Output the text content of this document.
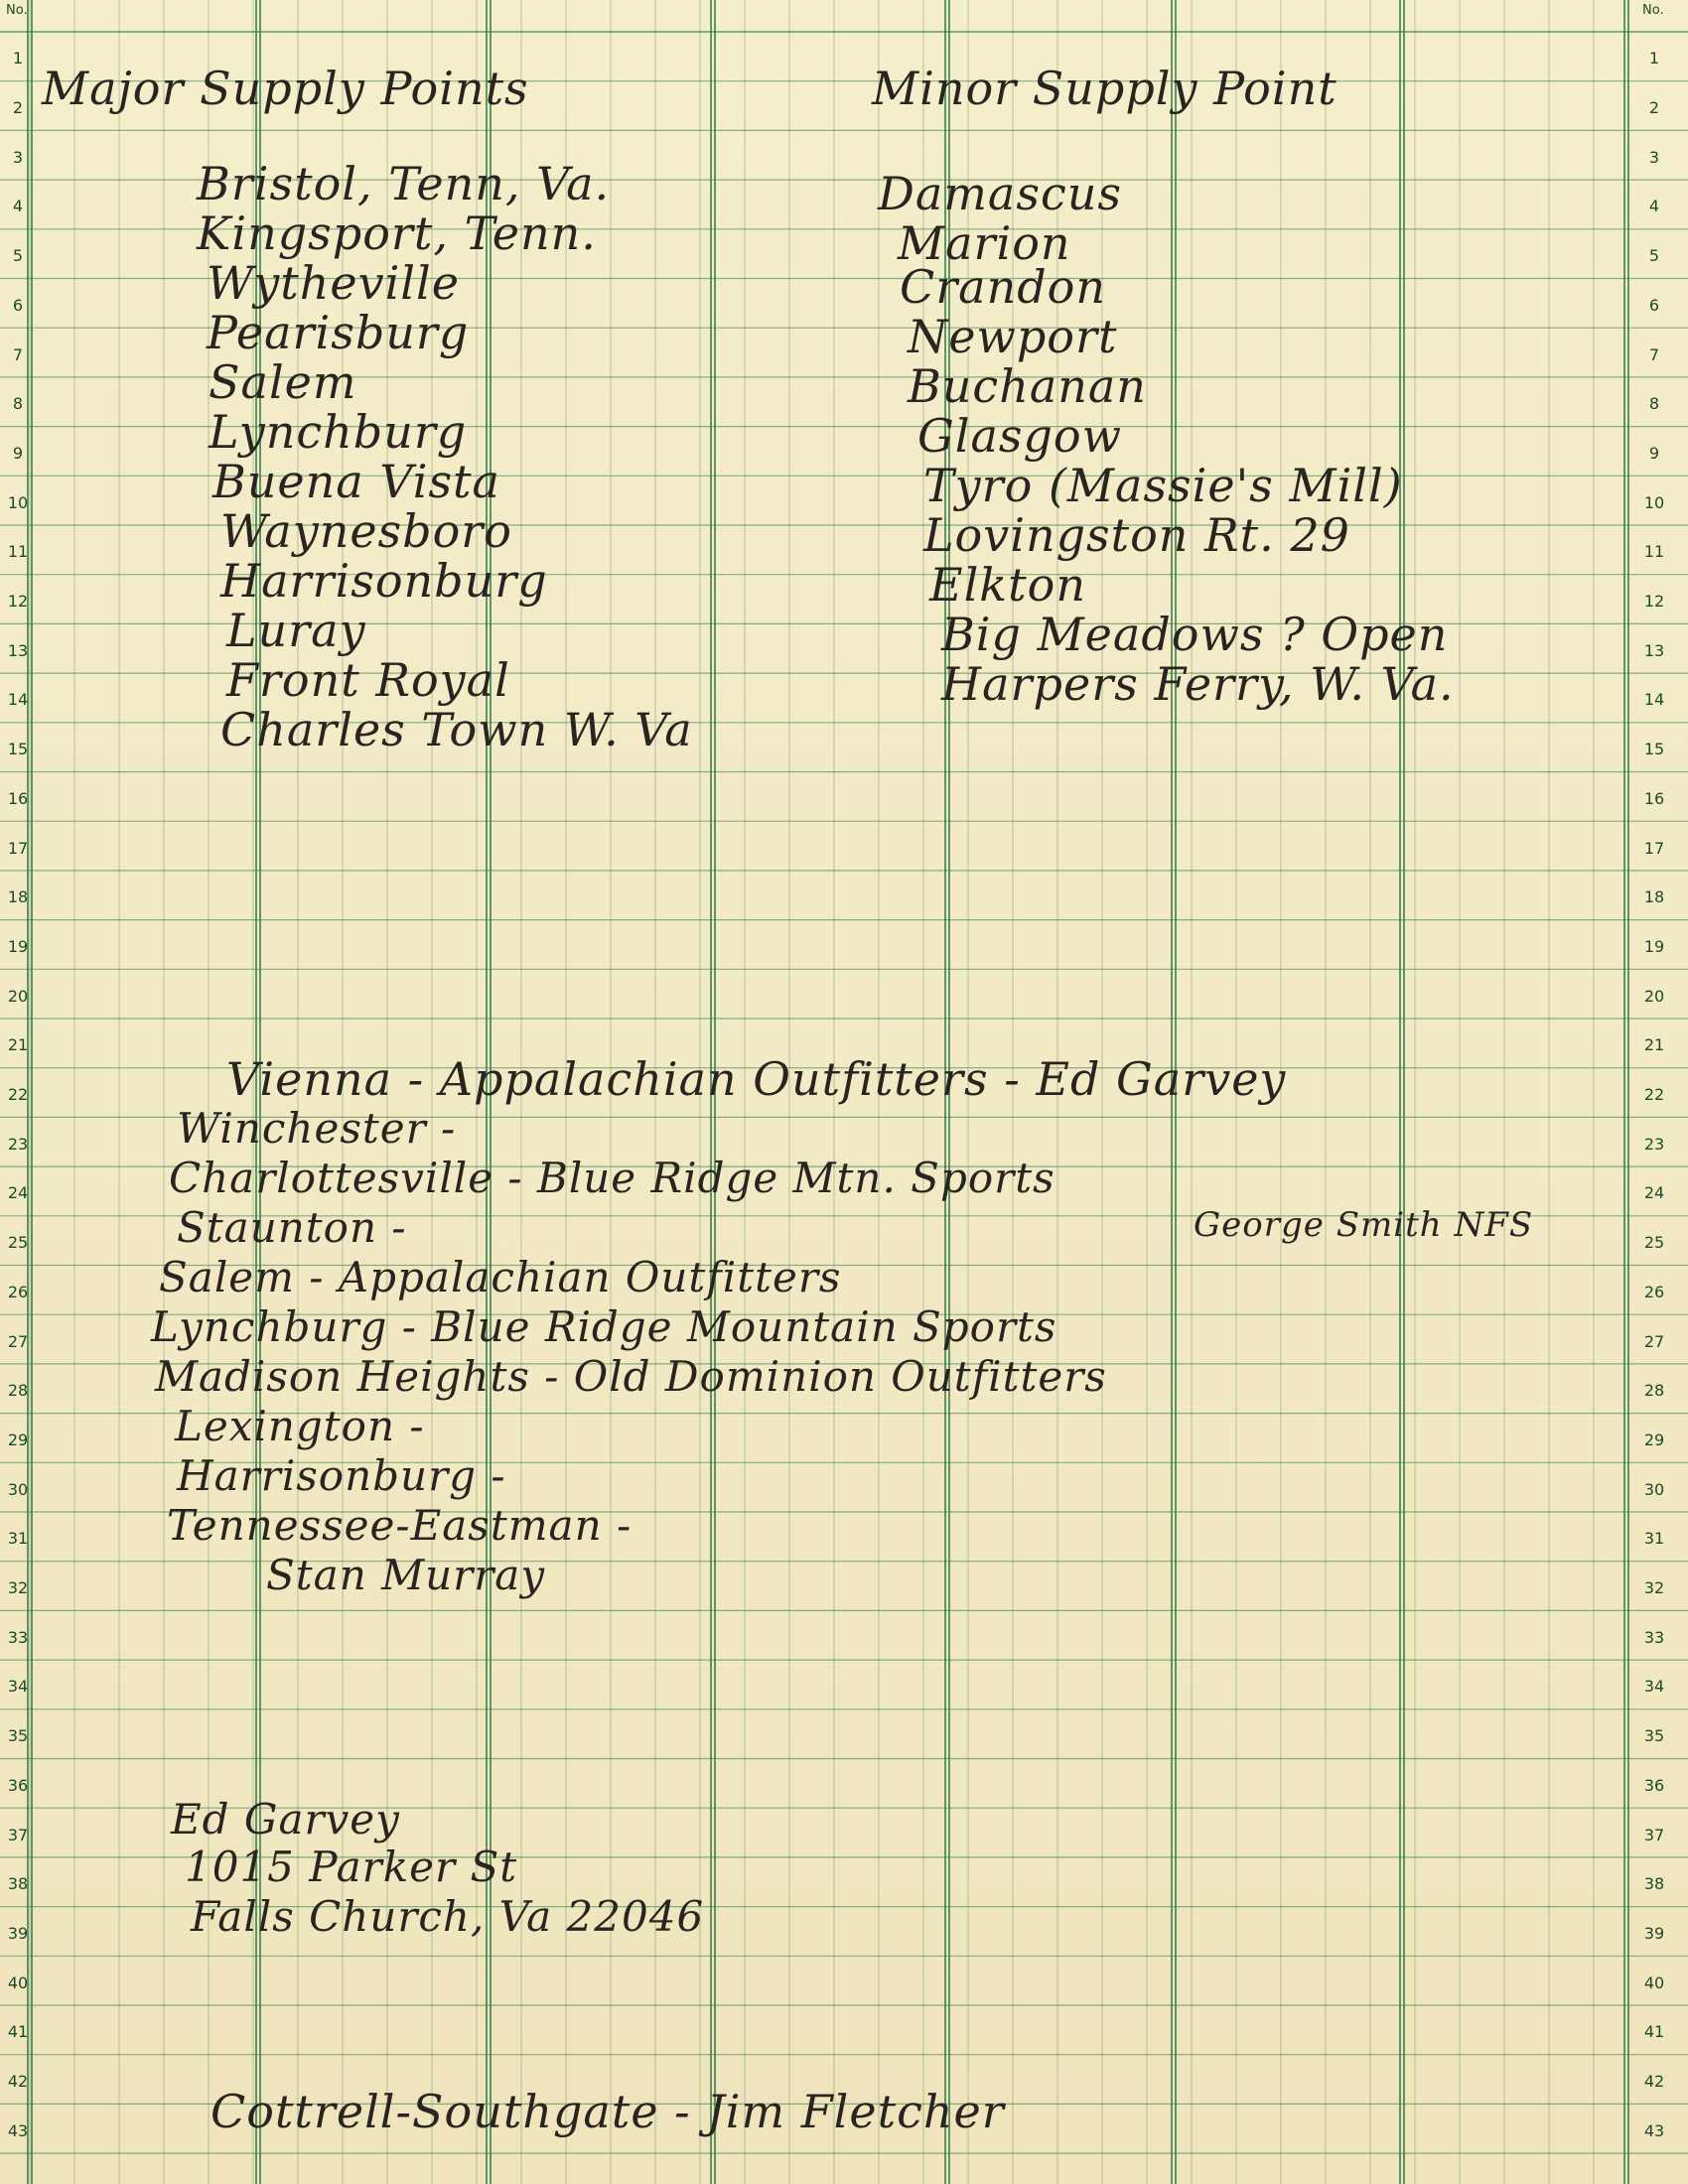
No.	No.
1
2
3
4
5
6
7
8
9
10
11
12
13
14
15
16
17
18
19
20
21
22
23
24
25
26
27
28
29
30
31
32
33
34
35
36
37
38
39
40
41
42
43
1
2
3
4
5
6
7
8
9
10
11
12
13
14
15
16
17
18
19
20
21
22
23
24
25
26
27
28
29
30
31
32
33
34
35
36
37
38
39
40
41
42
43
Major Supply Points	Minor Supply Point
Bristol, Tenn, Va.
Kingsport, Tenn.
Wytheville
Pearisburg
Salem
Lynchburg
Buena Vista
Waynesboro
Harrisonburg
Luray
Front Royal
Charles Town W. Va
Damascus
Marion
Crandon
Newport
Buchanan
Glasgow
Tyro (Massie's Mill)
Lovingston Rt. 29
Elkton
Big Meadows ? Open
Harpers Ferry, W. Va.
Vienna - Appalachian Outfitters - Ed Garvey
Winchester -
Charlottesville - Blue Ridge Mtn. Sports
Staunton -
Salem - Appalachian Outfitters
Lynchburg - Blue Ridge Mountain Sports
Madison Heights - Old Dominion Outfitters
Lexington -
Harrisonburg -
Tennessee-Eastman -
Stan Murray
George Smith NFS
Ed Garvey
1015 Parker St
Falls Church, Va 22046
Cottrell-Southgate - Jim Fletcher
